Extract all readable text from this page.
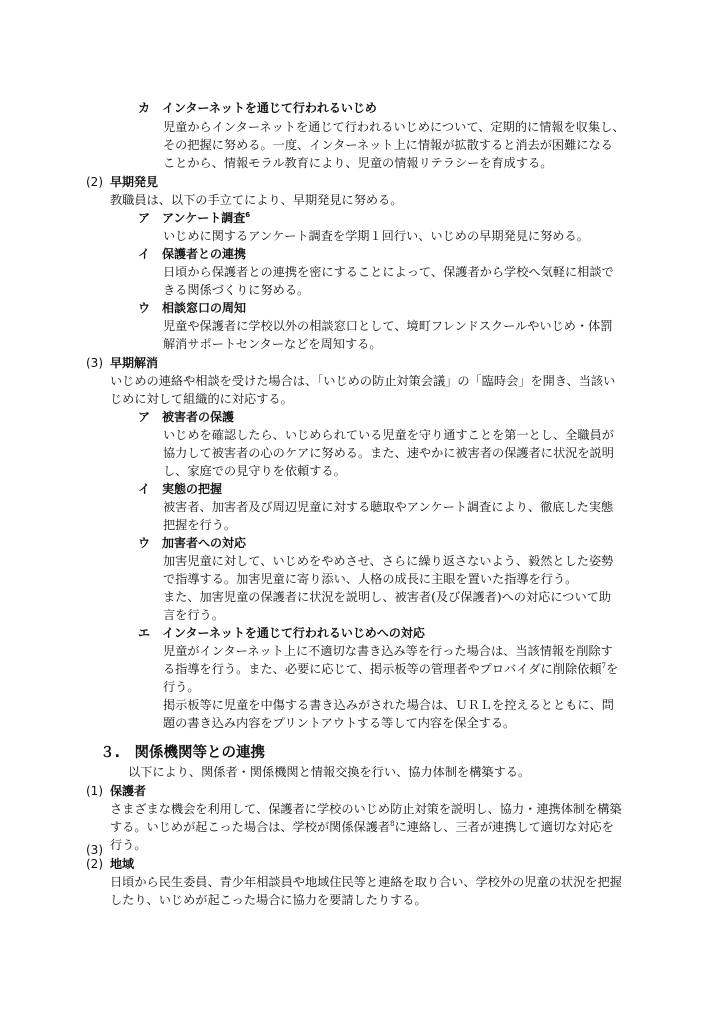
カ　インターネットを通じて行われるいじめ
児童からインターネットを通じて行われるいじめについて、定期的に情報を収集し、
その把握に努める。一度、インターネット上に情報が拡散すると消去が困難になる
ことから、情報モラル教育により、児童の情報リテラシーを育成する。
(2) 早期発見
教職員は、以下の手立てにより、早期発見に努める。
ア　アンケート調査$^6$
いじめに関するアンケート調査を学期１回行い、いじめの早期発見に努める。
イ　保護者との連携
日頃から保護者との連携を密にすることによって、保護者から学校へ気軽に相談で
きる関係づくりに努める。
ウ　相談窓口の周知
児童や保護者に学校以外の相談窓口として、境町フレンドスクールやいじめ・体罰
解消サポートセンターなどを周知する。
(3) 早期解消
いじめの連絡や相談を受けた場合は、「いじめの防止対策会議」の「臨時会」を開き、当該い
じめに対して組織的に対応する。
ア　被害者の保護
いじめを確認したら、いじめられている児童を守り通すことを第一とし、全職員が
協力して被害者の心のケアに努める。また、速やかに被害者の保護者に状況を説明
し、家庭での見守りを依頼する。
イ　実態の把握
被害者、加害者及び周辺児童に対する聴取やアンケート調査により、徹底した実態
把握を行う。
ウ　加害者への対応
加害児童に対して、いじめをやめさせ、さらに繰り返さないよう、毅然とした姿勢
で指導する。加害児童に寄り添い、人格の成長に主眼を置いた指導を行う。
また、加害児童の保護者に状況を説明し、被害者(及び保護者)への対応について助
言を行う。
エ　インターネットを通じて行われるいじめへの対応
児童がインターネット上に不適切な書き込み等を行った場合は、当該情報を削除す
る指導を行う。また、必要に応じて、掲示板等の管理者やプロバイダに削除依頼$^7$を
行う。
掲示板等に児童を中傷する書き込みがされた場合は、ＵＲＬを控えるとともに、問
題の書き込み内容をプリントアウトする等して内容を保全する。
３.　関係機関等との連携
以下により、関係者・関係機関と情報交換を行い、協力体制を構築する。
(1) 保護者
さまざまな機会を利用して、保護者に学校のいじめ防止対策を説明し、協力・連携体制を構築
する。いじめが起こった場合は、学校が関係保護者$^8$に連絡し、三者が連携して適切な対応を
行う。
(2) 地域
日頃から民生委員、青少年相談員や地域住民等と連絡を取り合い、学校外の児童の状況を把握
したり、いじめが起こった場合に協力を要請したりする。
(3)
